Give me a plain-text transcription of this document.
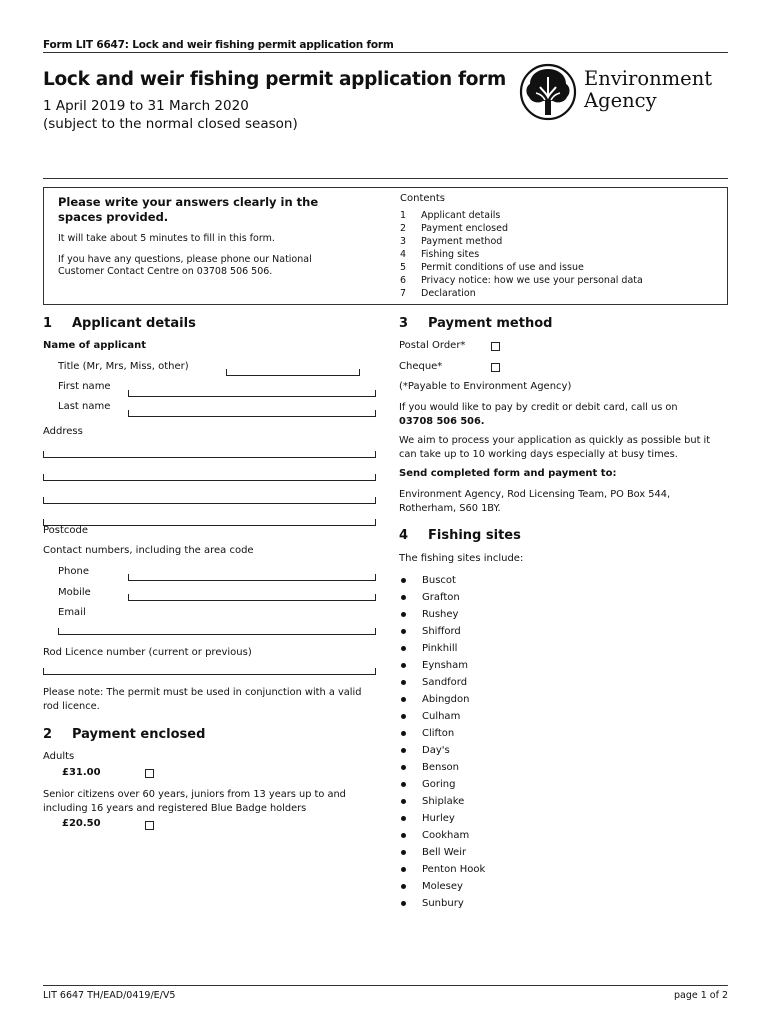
Form LIT 6647: Lock and weir fishing permit application form
Lock and weir fishing permit application form
1 April 2019 to 31 March 2020
(subject to the normal closed season)
Environment
Agency
Please write your answers clearly in the spaces provided.
It will take about 5 minutes to fill in this form.
If you have any questions, please phone our National Customer Contact Centre on 03708 506 506.
Contents
1 Applicant details
2 Payment enclosed
3 Payment method
4 Fishing sites
5 Permit conditions of use and issue
6 Privacy notice: how we use your personal data
7 Declaration
1 Applicant details
Name of applicant
Title (Mr, Mrs, Miss, other)
First name
Last name
Address
Postcode
Contact numbers, including the area code
Phone
Mobile
Email
Rod Licence number (current or previous)
Please note: The permit must be used in conjunction with a valid rod licence.
2 Payment enclosed
Adults
£31.00
Senior citizens over 60 years, juniors from 13 years up to and including 16 years and registered Blue Badge holders
£20.50
3 Payment method
Postal Order*
Cheque*
(*Payable to Environment Agency)
If you would like to pay by credit or debit card, call us on
03708 506 506.
We aim to process your application as quickly as possible but it can take up to 10 working days especially at busy times.
Send completed form and payment to:
Environment Agency, Rod Licensing Team, PO Box 544, Rotherham, S60 1BY.
4 Fishing sites
The fishing sites include:
Buscot
Grafton
Rushey
Shifford
Pinkhill
Eynsham
Sandford
Abingdon
Culham
Clifton
Day's
Benson
Goring
Shiplake
Hurley
Cookham
Bell Weir
Penton Hook
Molesey
Sunbury
LIT 6647 TH/EAD/0419/E/V5	page 1 of 2
